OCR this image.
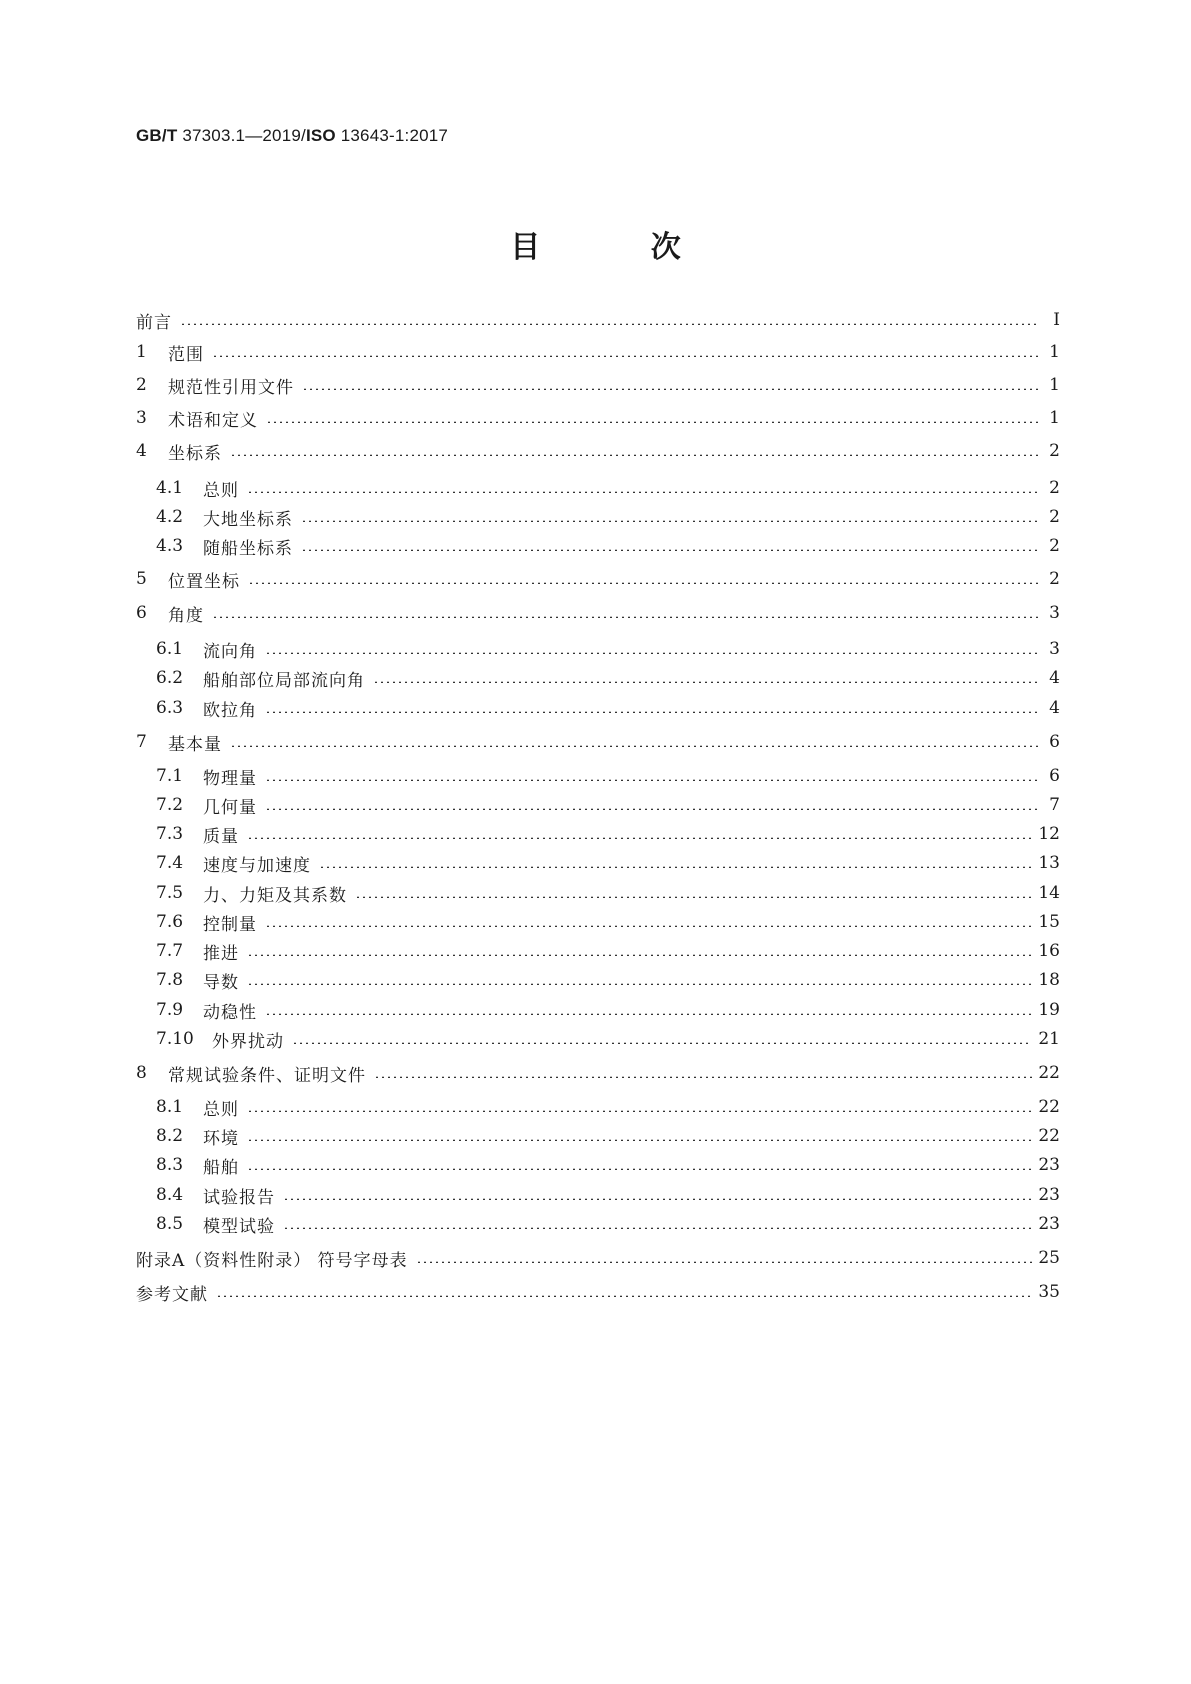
GB/T 37303.1—2019/ISO 13643-1:2017
目 次
前言	Ⅰ
1	范围	1
2	规范性引用文件	1
3	术语和定义	1
4	坐标系	2
4.1	总则	2
4.2	大地坐标系	2
4.3	随船坐标系	2
5	位置坐标	2
6	角度	3
6.1	流向角	3
6.2	船舶部位局部流向角	4
6.3	欧拉角	4
7	基本量	6
7.1	物理量	6
7.2	几何量	7
7.3	质量	12
7.4	速度与加速度	13
7.5	力、力矩及其系数	14
7.6	控制量	15
7.7	推进	16
7.8	导数	18
7.9	动稳性	19
7.10	外界扰动	21
8	常规试验条件、证明文件	22
8.1	总则	22
8.2	环境	22
8.3	船舶	23
8.4	试验报告	23
8.5	模型试验	23
附录A（资料性附录） 符号字母表	25
参考文献	35
